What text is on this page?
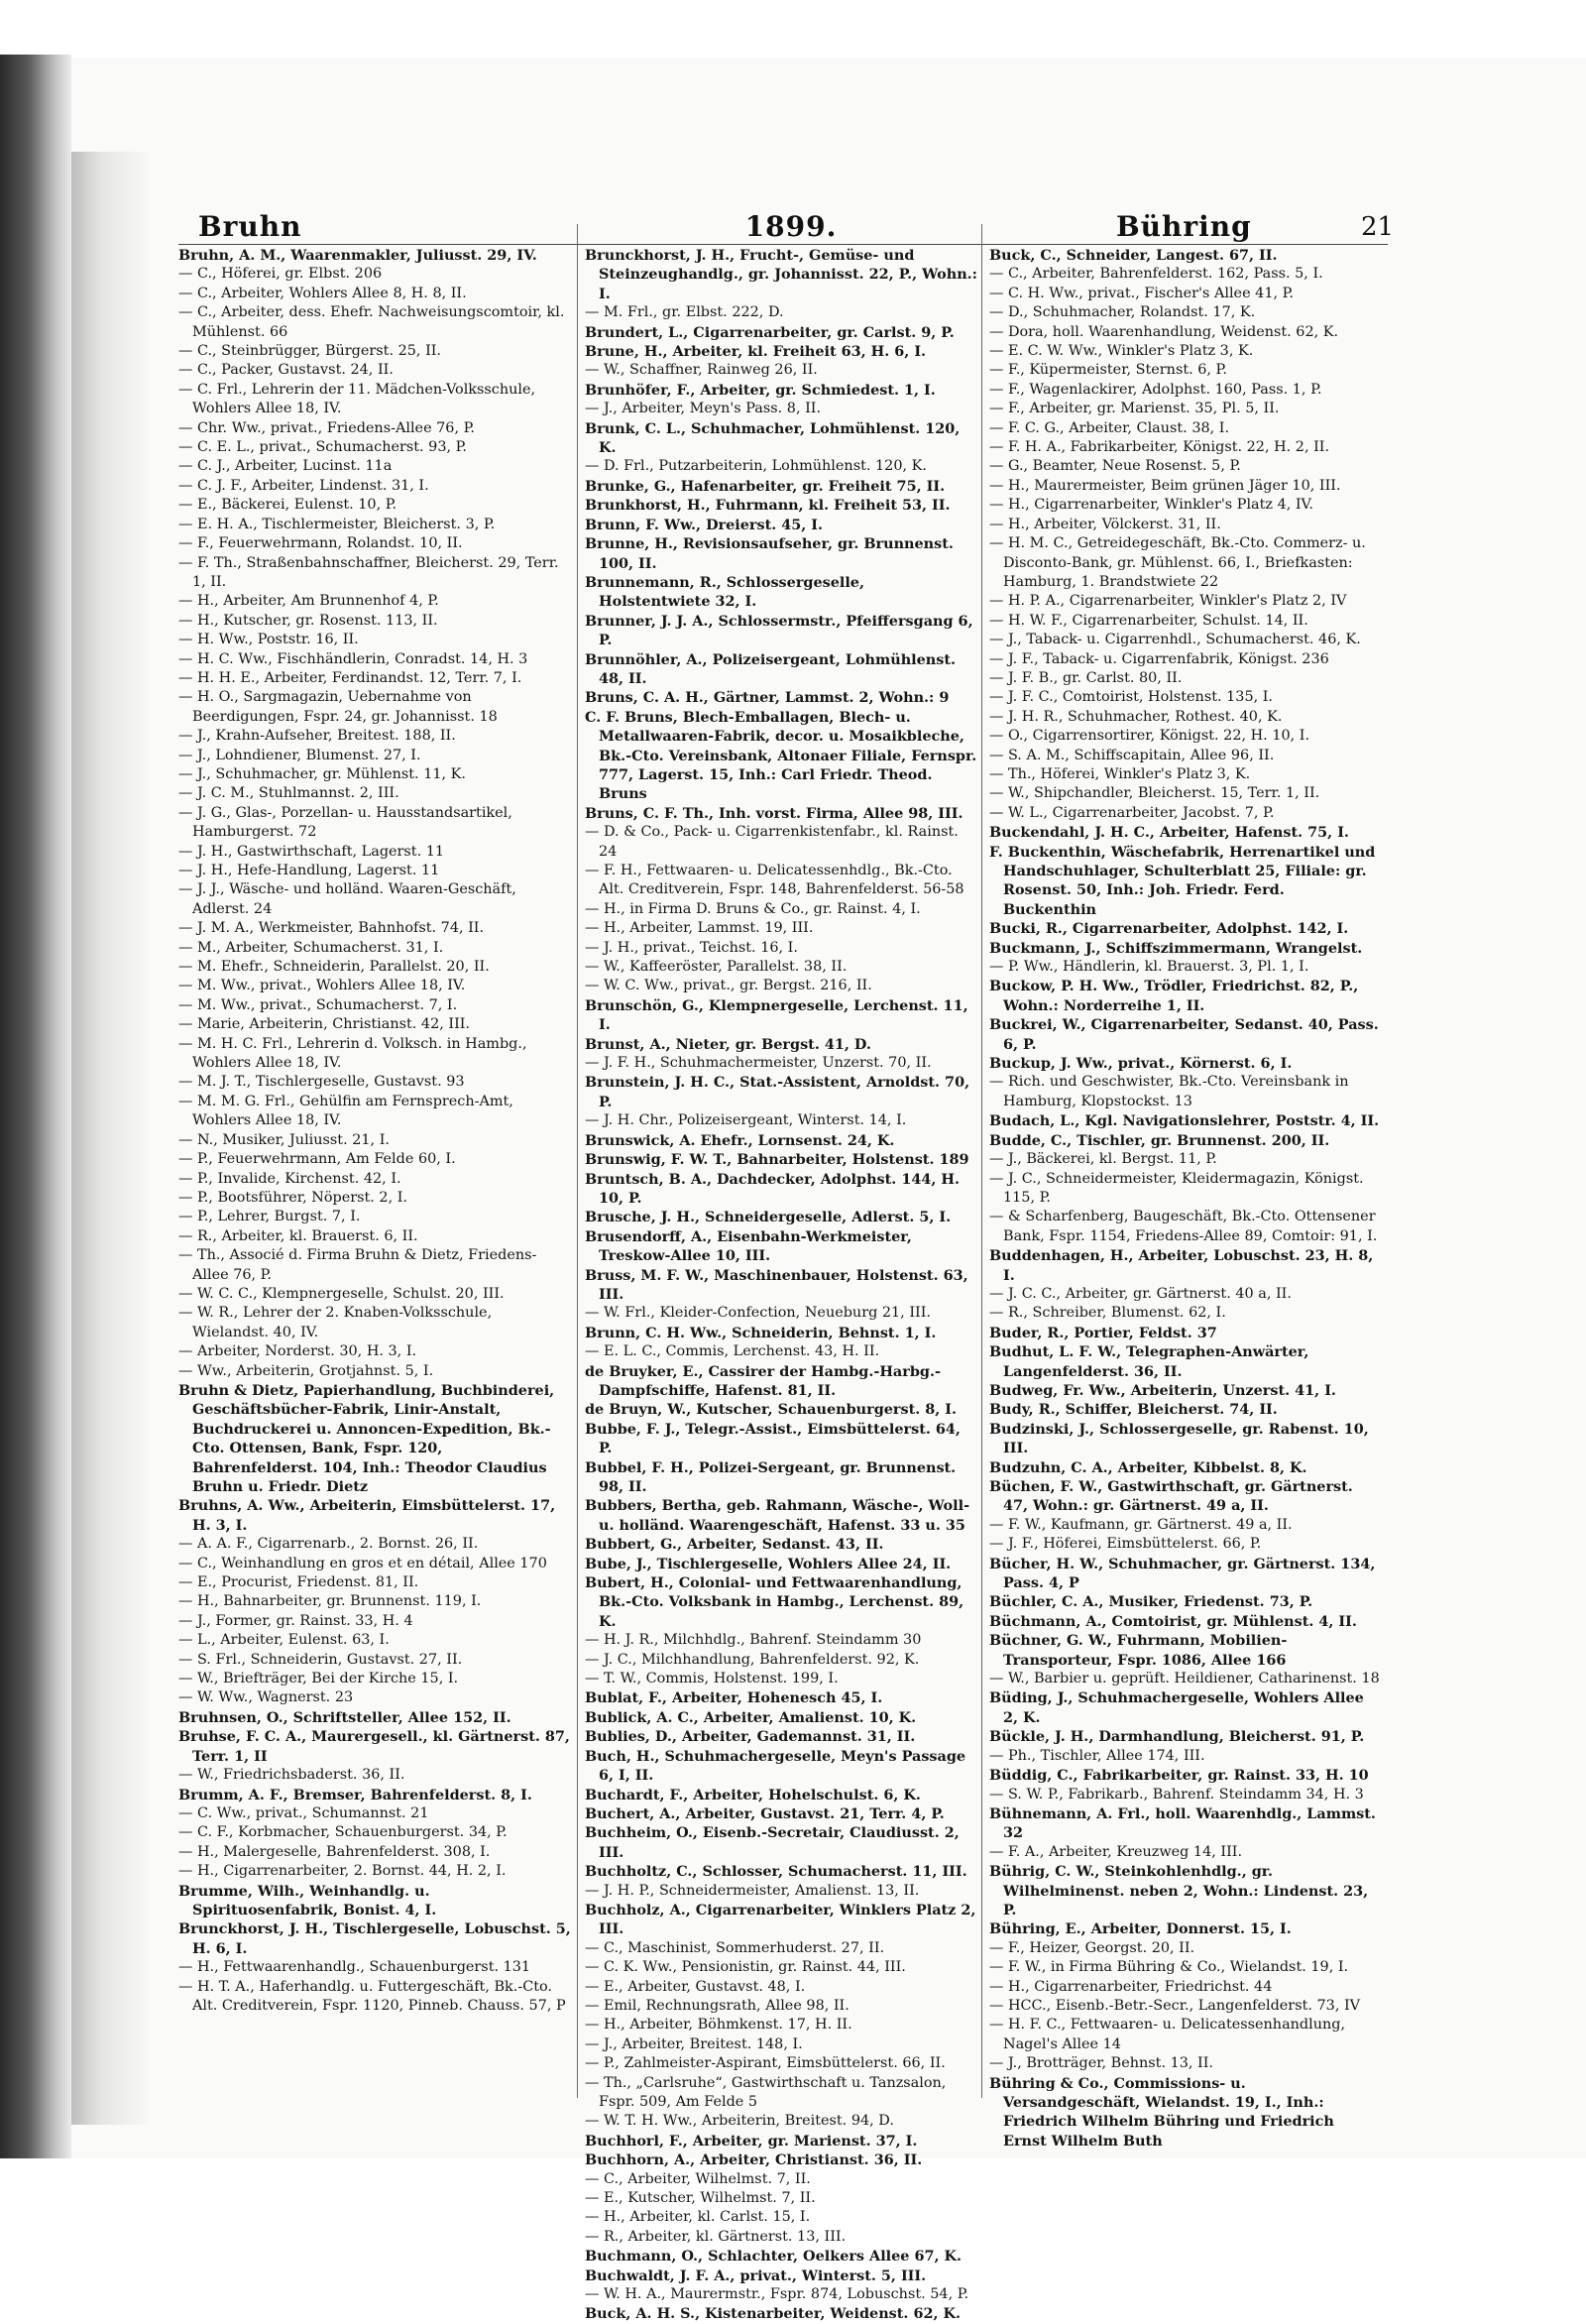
Bruhn	1899.	Bühring	21

Bruhn, A. M., Waarenmakler, Juliusst. 29, IV.

— C., Höferei, gr. Elbst. 206

— C., Arbeiter, Wohlers Allee 8, H. 8, II.

— C., Arbeiter, dess. Ehefr. Nachweisungscomtoir, kl. Mühlenst. 66

— C., Steinbrügger, Bürgerst. 25, II.

— C., Packer, Gustavst. 24, II.

— C. Frl., Lehrerin der 11. Mädchen-Volksschule, Wohlers Allee 18, IV.

— Chr. Ww., privat., Friedens-Allee 76, P.

— C. E. L., privat., Schumacherst. 93, P.

— C. J., Arbeiter, Lucinst. 11a

— C. J. F., Arbeiter, Lindenst. 31, I.

— E., Bäckerei, Eulenst. 10, P.

— E. H. A., Tischlermeister, Bleicherst. 3, P.

— F., Feuerwehrmann, Rolandst. 10, II.

— F. Th., Straßenbahnschaffner, Bleicherst. 29, Terr. 1, II.

— H., Arbeiter, Am Brunnenhof 4, P.

— H., Kutscher, gr. Rosenst. 113, II.

— H. Ww., Poststr. 16, II.

— H. C. Ww., Fischhändlerin, Conradst. 14, H. 3

— H. H. E., Arbeiter, Ferdinandst. 12, Terr. 7, I.

— H. O., Sargmagazin, Uebernahme von Beerdigungen, Fspr. 24, gr. Johannisst. 18

— J., Krahn-Aufseher, Breitest. 188, II.

— J., Lohndiener, Blumenst. 27, I.

— J., Schuhmacher, gr. Mühlenst. 11, K.

— J. C. M., Stuhlmannst. 2, III.

— J. G., Glas-, Porzellan- u. Hausstandsartikel, Hamburgerst. 72

— J. H., Gastwirthschaft, Lagerst. 11

— J. H., Hefe-Handlung, Lagerst. 11

— J. J., Wäsche- und holländ. Waaren-Geschäft, Adlerst. 24

— J. M. A., Werkmeister, Bahnhofst. 74, II.

— M., Arbeiter, Schumacherst. 31, I.

— M. Ehefr., Schneiderin, Parallelst. 20, II.

— M. Ww., privat., Wohlers Allee 18, IV.

— M. Ww., privat., Schumacherst. 7, I.

— Marie, Arbeiterin, Christianst. 42, III.

— M. H. C. Frl., Lehrerin d. Volksch. in Hambg., Wohlers Allee 18, IV.

— M. J. T., Tischlergeselle, Gustavst. 93

— M. M. G. Frl., Gehülfin am Fernsprech-Amt, Wohlers Allee 18, IV.

— N., Musiker, Juliusst. 21, I.

— P., Feuerwehrmann, Am Felde 60, I.

— P., Invalide, Kirchenst. 42, I.

— P., Bootsführer, Nöperst. 2, I.

— P., Lehrer, Burgst. 7, I.

— R., Arbeiter, kl. Brauerst. 6, II.

— Th., Associé d. Firma Bruhn & Dietz, Friedens-Allee 76, P.

— W. C. C., Klempnergeselle, Schulst. 20, III.

— W. R., Lehrer der 2. Knaben-Volksschule, Wielandst. 40, IV.

— Arbeiter, Norderst. 30, H. 3, I.

— Ww., Arbeiterin, Grotjahnst. 5, I.

Bruhn & Dietz, Papierhandlung, Buchbinderei, Geschäftsbücher-Fabrik, Linir-Anstalt, Buchdruckerei u. Annoncen-Expedition, Bk.-Cto. Ottensen, Bank, Fspr. 120, Bahrenfelderst. 104, Inh.: Theodor Claudius Bruhn u. Friedr. Dietz

Bruhns, A. Ww., Arbeiterin, Eimsbüttelerst. 17, H. 3, I.

— A. A. F., Cigarrenarb., 2. Bornst. 26, II.

— C., Weinhandlung en gros et en détail, Allee 170

— E., Procurist, Friedenst. 81, II.

— H., Bahnarbeiter, gr. Brunnenst. 119, I.

— J., Former, gr. Rainst. 33, H. 4

— L., Arbeiter, Eulenst. 63, I.

— S. Frl., Schneiderin, Gustavst. 27, II.

— W., Briefträger, Bei der Kirche 15, I.

— W. Ww., Wagnerst. 23

Bruhnsen, O., Schriftsteller, Allee 152, II.

Bruhse, F. C. A., Maurergesell., kl. Gärtnerst. 87, Terr. 1, II

— W., Friedrichsbaderst. 36, II.

Brumm, A. F., Bremser, Bahrenfelderst. 8, I.

— C. Ww., privat., Schumannst. 21

— C. F., Korbmacher, Schauenburgerst. 34, P.

— H., Malergeselle, Bahrenfelderst. 308, I.

— H., Cigarrenarbeiter, 2. Bornst. 44, H. 2, I.

Brumme, Wilh., Weinhandlg. u. Spirituosenfabrik, Bonist. 4, I.

Brunckhorst, J. H., Tischlergeselle, Lobuschst. 5, H. 6, I.

— H., Fettwaarenhandlg., Schauenburgerst. 131

— H. T. A., Haferhandlg. u. Futtergeschäft, Bk.-Cto. Alt. Creditverein, Fspr. 1120, Pinneb. Chauss. 57, P

Brunckhorst, J. H., Frucht-, Gemüse- und Steinzeughandlg., gr. Johannisst. 22, P., Wohn.: I.

— M. Frl., gr. Elbst. 222, D.

Brundert, L., Cigarrenarbeiter, gr. Carlst. 9, P.

Brune, H., Arbeiter, kl. Freiheit 63, H. 6, I.

— W., Schaffner, Rainweg 26, II.

Brunhöfer, F., Arbeiter, gr. Schmiedest. 1, I.

— J., Arbeiter, Meyn's Pass. 8, II.

Brunk, C. L., Schuhmacher, Lohmühlenst. 120, K.

— D. Frl., Putzarbeiterin, Lohmühlenst. 120, K.

Brunke, G., Hafenarbeiter, gr. Freiheit 75, II.

Brunkhorst, H., Fuhrmann, kl. Freiheit 53, II.

Brunn, F. Ww., Dreierst. 45, I.

Brunne, H., Revisionsaufseher, gr. Brunnenst. 100, II.

Brunnemann, R., Schlossergeselle, Holstentwiete 32, I.

Brunner, J. J. A., Schlossermstr., Pfeiffersgang 6, P.

Brunnöhler, A., Polizeisergeant, Lohmühlenst. 48, II.

Bruns, C. A. H., Gärtner, Lammst. 2, Wohn.: 9

C. F. Bruns, Blech-Emballagen, Blech- u. Metallwaaren-Fabrik, decor. u. Mosaikbleche, Bk.-Cto. Vereinsbank, Altonaer Filiale, Fernspr. 777, Lagerst. 15, Inh.: Carl Friedr. Theod. Bruns

Bruns, C. F. Th., Inh. vorst. Firma, Allee 98, III.

— D. & Co., Pack- u. Cigarrenkistenfabr., kl. Rainst. 24

— F. H., Fettwaaren- u. Delicatessenhdlg., Bk.-Cto. Alt. Creditverein, Fspr. 148, Bahrenfelderst. 56-58

— H., in Firma D. Bruns & Co., gr. Rainst. 4, I.

— H., Arbeiter, Lammst. 19, III.

— J. H., privat., Teichst. 16, I.

— W., Kaffeeröster, Parallelst. 38, II.

— W. C. Ww., privat., gr. Bergst. 216, II.

Brunschön, G., Klempnergeselle, Lerchenst. 11, I.

Brunst, A., Nieter, gr. Bergst. 41, D.

— J. F. H., Schuhmachermeister, Unzerst. 70, II.

Brunstein, J. H. C., Stat.-Assistent, Arnoldst. 70, P.

— J. H. Chr., Polizeisergeant, Winterst. 14, I.

Brunswick, A. Ehefr., Lornsenst. 24, K.

Brunswig, F. W. T., Bahnarbeiter, Holstenst. 189

Bruntsch, B. A., Dachdecker, Adolphst. 144, H. 10, P.

Brusche, J. H., Schneidergeselle, Adlerst. 5, I.

Brusendorff, A., Eisenbahn-Werkmeister, Treskow-Allee 10, III.

Bruss, M. F. W., Maschinenbauer, Holstenst. 63, III.

— W. Frl., Kleider-Confection, Neueburg 21, III.

Brunn, C. H. Ww., Schneiderin, Behnst. 1, I.

— E. L. C., Commis, Lerchenst. 43, H. II.

de Bruyker, E., Cassirer der Hambg.-Harbg.-Dampfschiffe, Hafenst. 81, II.

de Bruyn, W., Kutscher, Schauenburgerst. 8, I.

Bubbe, F. J., Telegr.-Assist., Eimsbüttelerst. 64, P.

Bubbel, F. H., Polizei-Sergeant, gr. Brunnenst. 98, II.

Bubbers, Bertha, geb. Rahmann, Wäsche-, Woll- u. holländ. Waarengeschäft, Hafenst. 33 u. 35

Bubbert, G., Arbeiter, Sedanst. 43, II.

Bube, J., Tischlergeselle, Wohlers Allee 24, II.

Bubert, H., Colonial- und Fettwaarenhandlung, Bk.-Cto. Volksbank in Hambg., Lerchenst. 89, K.

— H. J. R., Milchhdlg., Bahrenf. Steindamm 30

— J. C., Milchhandlung, Bahrenfelderst. 92, K.

— T. W., Commis, Holstenst. 199, I.

Bublat, F., Arbeiter, Hohenesch 45, I.

Bublick, A. C., Arbeiter, Amalienst. 10, K.

Bublies, D., Arbeiter, Gademannst. 31, II.

Buch, H., Schuhmachergeselle, Meyn's Passage 6, I, II.

Buchardt, F., Arbeiter, Hohelschulst. 6, K.

Buchert, A., Arbeiter, Gustavst. 21, Terr. 4, P.

Buchheim, O., Eisenb.-Secretair, Claudiusst. 2, III.

Buchholtz, C., Schlosser, Schumacherst. 11, III.

— J. H. P., Schneidermeister, Amalienst. 13, II.

Buchholz, A., Cigarrenarbeiter, Winklers Platz 2, III.

— C., Maschinist, Sommerhuderst. 27, II.

— C. K. Ww., Pensionistin, gr. Rainst. 44, III.

— E., Arbeiter, Gustavst. 48, I.

— Emil, Rechnungsrath, Allee 98, II.

— H., Arbeiter, Böhmkenst. 17, H. II.

— J., Arbeiter, Breitest. 148, I.

— P., Zahlmeister-Aspirant, Eimsbüttelerst. 66, II.

— Th., „Carlsruhe“, Gastwirthschaft u. Tanzsalon, Fspr. 509, Am Felde 5

— W. T. H. Ww., Arbeiterin, Breitest. 94, D.

Buchhorl, F., Arbeiter, gr. Marienst. 37, I.

Buchhorn, A., Arbeiter, Christianst. 36, II.

— C., Arbeiter, Wilhelmst. 7, II.

— E., Kutscher, Wilhelmst. 7, II.

— H., Arbeiter, kl. Carlst. 15, I.

— R., Arbeiter, kl. Gärtnerst. 13, III.

Buchmann, O., Schlachter, Oelkers Allee 67, K.

Buchwaldt, J. F. A., privat., Winterst. 5, III.

— W. H. A., Maurermstr., Fspr. 874, Lobuschst. 54, P.

Buck, A. H. S., Kistenarbeiter, Weidenst. 62, K.

Buck, C., Schneider, Langest. 67, II.

— C., Arbeiter, Bahrenfelderst. 162, Pass. 5, I.

— C. H. Ww., privat., Fischer's Allee 41, P.

— D., Schuhmacher, Rolandst. 17, K.

— Dora, holl. Waarenhandlung, Weidenst. 62, K.

— E. C. W. Ww., Winkler's Platz 3, K.

— F., Küpermeister, Sternst. 6, P.

— F., Wagenlackirer, Adolphst. 160, Pass. 1, P.

— F., Arbeiter, gr. Marienst. 35, Pl. 5, II.

— F. C. G., Arbeiter, Claust. 38, I.

— F. H. A., Fabrikarbeiter, Königst. 22, H. 2, II.

— G., Beamter, Neue Rosenst. 5, P.

— H., Maurermeister, Beim grünen Jäger 10, III.

— H., Cigarrenarbeiter, Winkler's Platz 4, IV.

— H., Arbeiter, Völckerst. 31, II.

— H. M. C., Getreidegeschäft, Bk.-Cto. Commerz- u. Disconto-Bank, gr. Mühlenst. 66, I., Briefkasten: Hamburg, 1. Brandstwiete 22

— H. P. A., Cigarrenarbeiter, Winkler's Platz 2, IV

— H. W. F., Cigarrenarbeiter, Schulst. 14, II.

— J., Taback- u. Cigarrenhdl., Schumacherst. 46, K.

— J. F., Taback- u. Cigarrenfabrik, Königst. 236

— J. F. B., gr. Carlst. 80, II.

— J. F. C., Comtoirist, Holstenst. 135, I.

— J. H. R., Schuhmacher, Rothest. 40, K.

— O., Cigarrensortirer, Königst. 22, H. 10, I.

— S. A. M., Schiffscapitain, Allee 96, II.

— Th., Höferei, Winkler's Platz 3, K.

— W., Shipchandler, Bleicherst. 15, Terr. 1, II.

— W. L., Cigarrenarbeiter, Jacobst. 7, P.

Buckendahl, J. H. C., Arbeiter, Hafenst. 75, I.

F. Buckenthin, Wäschefabrik, Herrenartikel und Handschuhlager, Schulterblatt 25, Filiale: gr. Rosenst. 50, Inh.: Joh. Friedr. Ferd. Buckenthin

Bucki, R., Cigarrenarbeiter, Adolphst. 142, I.

Buckmann, J., Schiffszimmermann, Wrangelst.

— P. Ww., Händlerin, kl. Brauerst. 3, Pl. 1, I.

Buckow, P. H. Ww., Trödler, Friedrichst. 82, P., Wohn.: Norderreihe 1, II.

Buckrei, W., Cigarrenarbeiter, Sedanst. 40, Pass. 6, P.

Buckup, J. Ww., privat., Körnerst. 6, I.

— Rich. und Geschwister, Bk.-Cto. Vereinsbank in Hamburg, Klopstockst. 13

Budach, L., Kgl. Navigationslehrer, Poststr. 4, II.

Budde, C., Tischler, gr. Brunnenst. 200, II.

— J., Bäckerei, kl. Bergst. 11, P.

— J. C., Schneidermeister, Kleidermagazin, Königst. 115, P.

— & Scharfenberg, Baugeschäft, Bk.-Cto. Ottensener Bank, Fspr. 1154, Friedens-Allee 89, Comtoir: 91, I.

Buddenhagen, H., Arbeiter, Lobuschst. 23, H. 8, I.

— J. C. C., Arbeiter, gr. Gärtnerst. 40 a, II.

— R., Schreiber, Blumenst. 62, I.

Buder, R., Portier, Feldst. 37

Budhut, L. F. W., Telegraphen-Anwärter, Langenfelderst. 36, II.

Budweg, Fr. Ww., Arbeiterin, Unzerst. 41, I.

Budy, R., Schiffer, Bleicherst. 74, II.

Budzinski, J., Schlossergeselle, gr. Rabenst. 10, III.

Budzuhn, C. A., Arbeiter, Kibbelst. 8, K.

Büchen, F. W., Gastwirthschaft, gr. Gärtnerst. 47, Wohn.: gr. Gärtnerst. 49 a, II.

— F. W., Kaufmann, gr. Gärtnerst. 49 a, II.

— J. F., Höferei, Eimsbüttelerst. 66, P.

Bücher, H. W., Schuhmacher, gr. Gärtnerst. 134, Pass. 4, P

Büchler, C. A., Musiker, Friedenst. 73, P.

Büchmann, A., Comtoirist, gr. Mühlenst. 4, II.

Büchner, G. W., Fuhrmann, Mobilien-Transporteur, Fspr. 1086, Allee 166

— W., Barbier u. geprüft. Heildiener, Catharinenst. 18

Büding, J., Schuhmachergeselle, Wohlers Allee 2, K.

Bückle, J. H., Darmhandlung, Bleicherst. 91, P.

— Ph., Tischler, Allee 174, III.

Büddig, C., Fabrikarbeiter, gr. Rainst. 33, H. 10

— S. W. P., Fabrikarb., Bahrenf. Steindamm 34, H. 3

Bühnemann, A. Frl., holl. Waarenhdlg., Lammst. 32

— F. A., Arbeiter, Kreuzweg 14, III.

Bührig, C. W., Steinkohlenhdlg., gr. Wilhelminenst. neben 2, Wohn.: Lindenst. 23, P.

Bühring, E., Arbeiter, Donnerst. 15, I.

— F., Heizer, Georgst. 20, II.

— F. W., in Firma Bühring & Co., Wielandst. 19, I.

— H., Cigarrenarbeiter, Friedrichst. 44

— HCC., Eisenb.-Betr.-Secr., Langenfelderst. 73, IV

— H. F. C., Fettwaaren- u. Delicatessenhandlung, Nagel's Allee 14

— J., Brotträger, Behnst. 13, II.

Bühring & Co., Commissions- u. Versandgeschäft, Wielandst. 19, I., Inh.: Friedrich Wilhelm Bühring und Friedrich Ernst Wilhelm Buth
